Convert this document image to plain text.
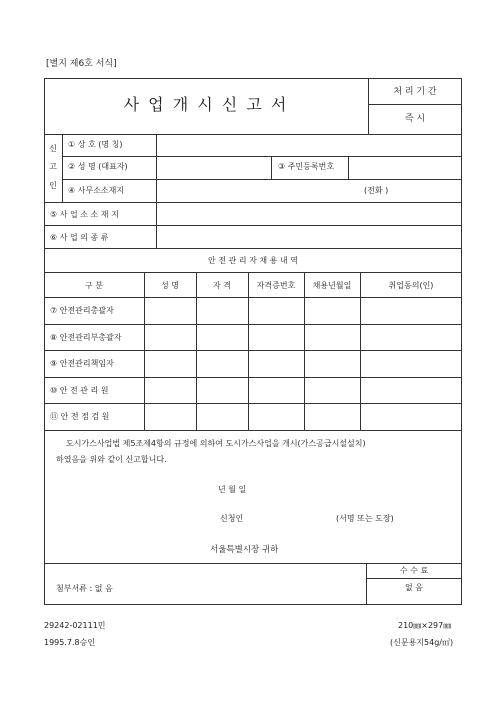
[별지 제6호 서식]
사 업 개 시 신 고 서
처 리 기 간
즉 시
신
고
인
① 상 호 (명 칭)
② 성 명 (대표자)	③ 주민등록번호
④ 사무소소재지	(전화 )
⑤ 사 업 소 소 재 지
⑥ 사 업 의 종 류
안 전 관 리 자 채 용 내 역
구 분	성 명	자 격	자격증번호	채용년월일	취업동의(인)
⑦ 안전관리총괄자
⑧ 안전관리부총괄자
⑨ 안전관리책임자
⑩ 안 전 관 리 원
⑪ 안 전 점 검 원
도시가스사업법 제5조제4항의 규정에 의하여 도시가스사업을 개시(가스공급시설설치)
하였음을 위와 같이 신고합니다.
년 월 일
신청인	(서명 또는 도장)
서울특별시장 귀하
수 수 료
없 음
첨부서류 : 없 음
29242-02111민
1995.7.8승인
210㎜×297㎜
(신문용지54g/㎡)
